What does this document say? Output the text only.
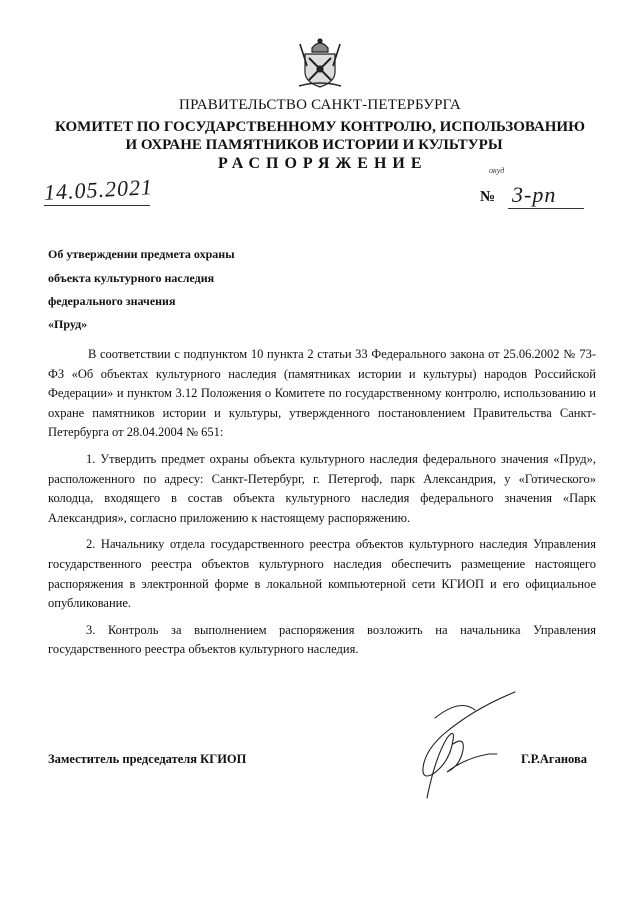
ПРАВИТЕЛЬСТВО САНКТ-ПЕТЕРБУРГА
КОМИТЕТ ПО ГОСУДАРСТВЕННОМУ КОНТРОЛЮ, ИСПОЛЬЗОВАНИЮ
И ОХРАНЕ ПАМЯТНИКОВ ИСТОРИИ И КУЛЬТУРЫ
РАСПОРЯЖЕНИЕ	окуд
14.05.2021	№ 3-рп
Об утверждении предмета охраны
объекта культурного наследия
федерального значения
«Пруд»

В соответствии с подпунктом 10 пункта 2 статьи 33 Федерального закона от 25.06.2002 № 73-ФЗ «Об объектах культурного наследия (памятниках истории и культуры) народов Российской Федерации» и пунктом 3.12 Положения о Комитете по государственному контролю, использованию и охране памятников истории и культуры, утвержденного постановлением Правительства Санкт-Петербурга от 28.04.2004 № 651:

1. Утвердить предмет охраны объекта культурного наследия федерального значения «Пруд», расположенного по адресу: Санкт-Петербург, г. Петергоф, парк Александрия, у «Готического» колодца, входящего в состав объекта культурного наследия федерального значения «Парк Александрия», согласно приложению к настоящему распоряжению.

2. Начальнику отдела государственного реестра объектов культурного наследия Управления государственного реестра объектов культурного наследия обеспечить размещение настоящего распоряжения в электронной форме в локальной компьютерной сети КГИОП и его официальное опубликование.

3. Контроль за выполнением распоряжения возложить на начальника Управления государственного реестра объектов культурного наследия.

Заместитель председателя КГИОП	Г.Р.Аганова
